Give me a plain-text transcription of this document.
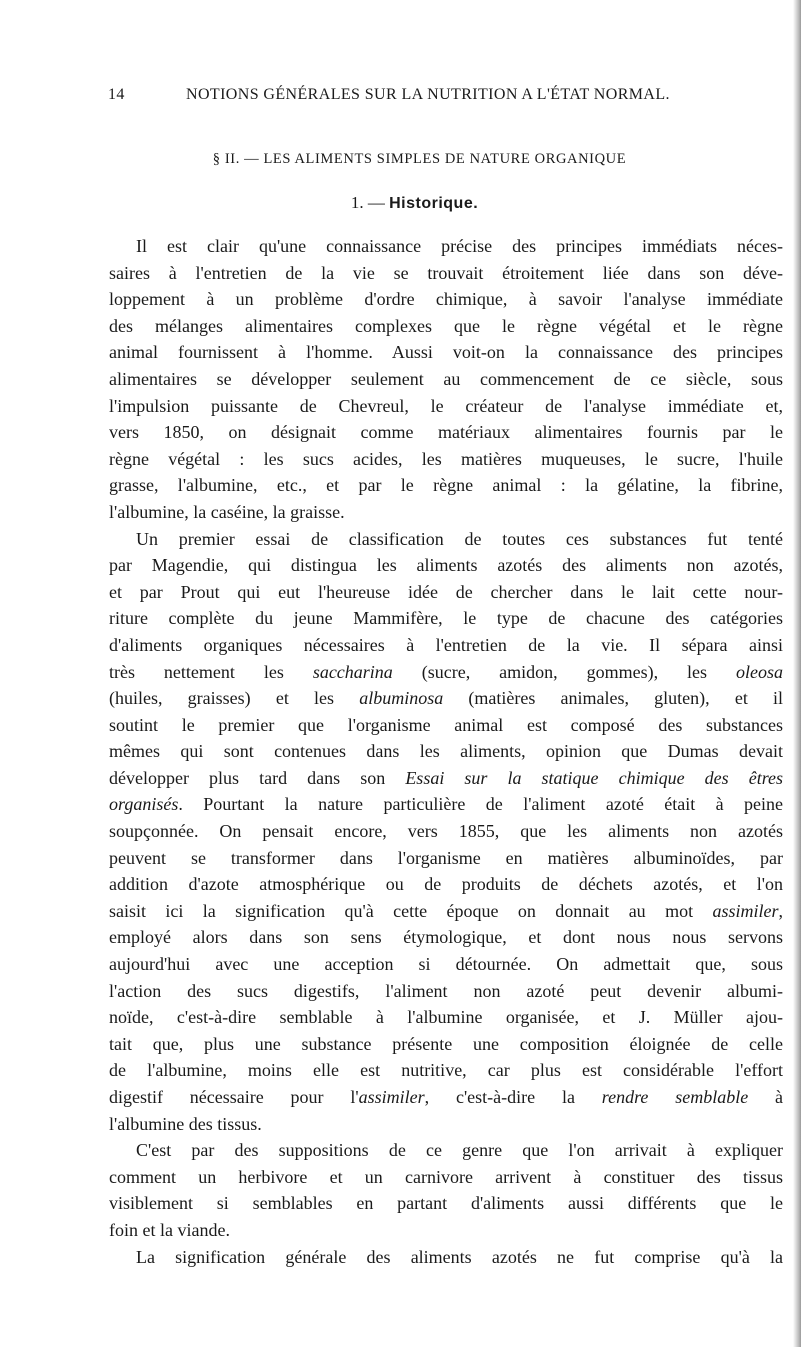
14	NOTIONS GÉNÉRALES SUR LA NUTRITION A L'ÉTAT NORMAL.
§ II. — LES ALIMENTS SIMPLES DE NATURE ORGANIQUE
1. — Historique.
Il est clair qu'une connaissance précise des principes immédiats néces-
saires à l'entretien de la vie se trouvait étroitement liée dans son déve-
loppement à un problème d'ordre chimique, à savoir l'analyse immédiate
des mélanges alimentaires complexes que le règne végétal et le règne
animal fournissent à l'homme. Aussi voit-on la connaissance des principes
alimentaires se développer seulement au commencement de ce siècle, sous
l'impulsion puissante de Chevreul, le créateur de l'analyse immédiate et,
vers 1850, on désignait comme matériaux alimentaires fournis par le
règne végétal : les sucs acides, les matières muqueuses, le sucre, l'huile
grasse, l'albumine, etc., et par le règne animal : la gélatine, la fibrine,
l'albumine, la caséine, la graisse.
Un premier essai de classification de toutes ces substances fut tenté
par Magendie, qui distingua les aliments azotés des aliments non azotés,
et par Prout qui eut l'heureuse idée de chercher dans le lait cette nour-
riture complète du jeune Mammifère, le type de chacune des catégories
d'aliments organiques nécessaires à l'entretien de la vie. Il sépara ainsi
très nettement les saccharina (sucre, amidon, gommes), les oleosa
(huiles, graisses) et les albuminosa (matières animales, gluten), et il
soutint le premier que l'organisme animal est composé des substances
mêmes qui sont contenues dans les aliments, opinion que Dumas devait
développer plus tard dans son Essai sur la statique chimique des êtres
organisés. Pourtant la nature particulière de l'aliment azoté était à peine
soupçonnée. On pensait encore, vers 1855, que les aliments non azotés
peuvent se transformer dans l'organisme en matières albuminoïdes, par
addition d'azote atmosphérique ou de produits de déchets azotés, et l'on
saisit ici la signification qu'à cette époque on donnait au mot assimiler,
employé alors dans son sens étymologique, et dont nous nous servons
aujourd'hui avec une acception si détournée. On admettait que, sous
l'action des sucs digestifs, l'aliment non azoté peut devenir albumi-
noïde, c'est-à-dire semblable à l'albumine organisée, et J. Müller ajou-
tait que, plus une substance présente une composition éloignée de celle
de l'albumine, moins elle est nutritive, car plus est considérable l'effort
digestif nécessaire pour l'assimiler, c'est-à-dire la rendre semblable à
l'albumine des tissus.
C'est par des suppositions de ce genre que l'on arrivait à expliquer
comment un herbivore et un carnivore arrivent à constituer des tissus
visiblement si semblables en partant d'aliments aussi différents que le
foin et la viande.
La signification générale des aliments azotés ne fut comprise qu'à la
